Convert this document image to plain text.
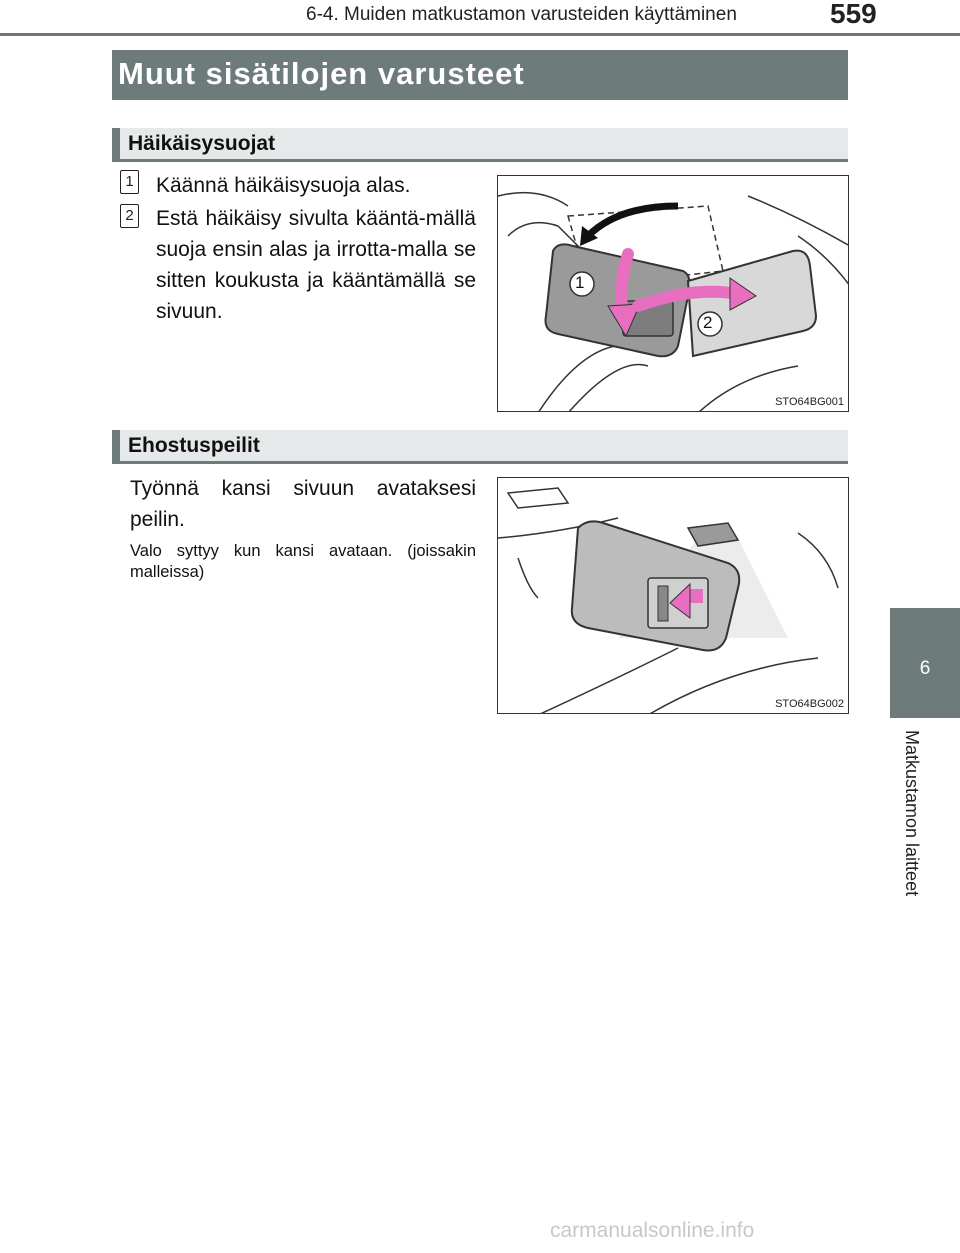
6-4. Muiden matkustamon varusteiden käyttäminen	559
Muut sisätilojen varusteet
Häikäisysuojat
1 Käännä häikäisysuoja alas.
2 Estä häikäisy sivulta kääntä-mällä suoja ensin alas ja irrotta-malla se sitten koukusta ja kääntämällä se sivuun.
1
2
STO64BG001
Ehostuspeilit
Työnnä kansi sivuun avataksesi peilin.
Valo syttyy kun kansi avataan. (joissakin malleissa)
STO64BG002
6
Matkustamon laitteet
carmanualsonline.info
